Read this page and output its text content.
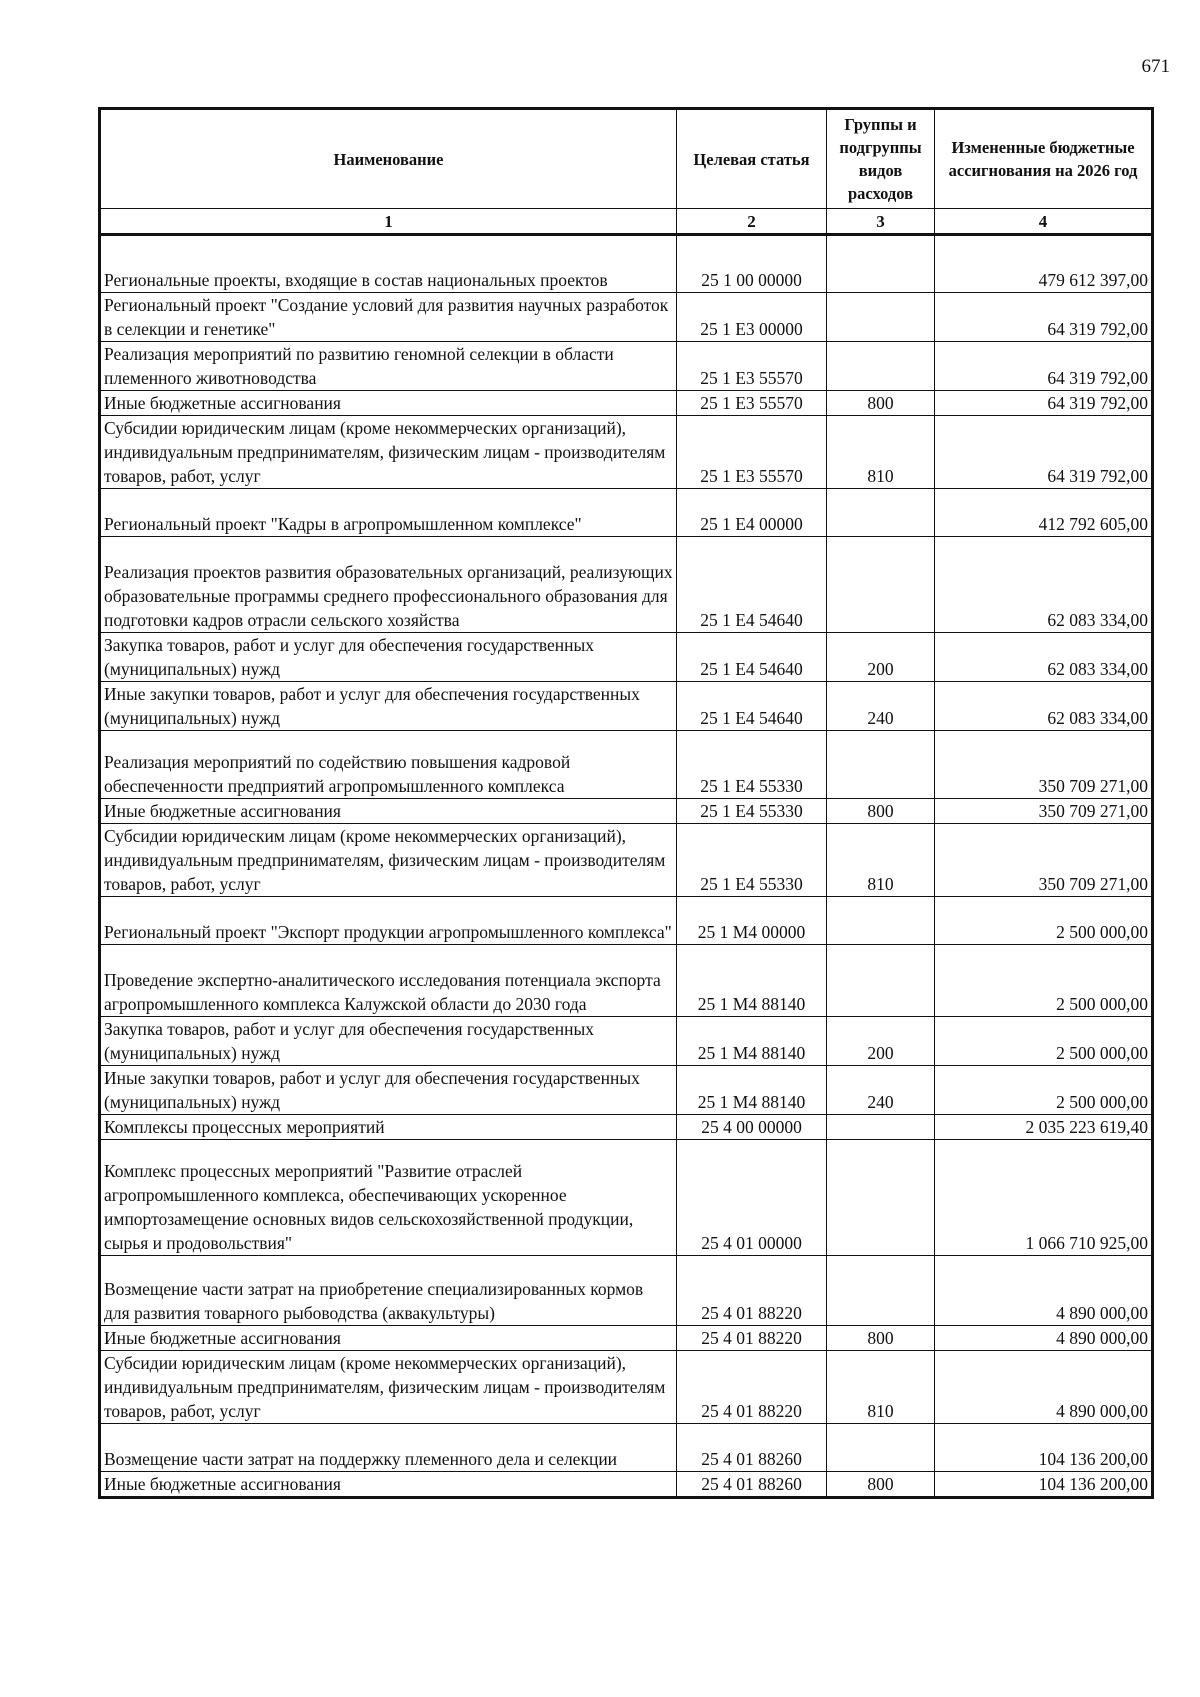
671
Наименование	Целевая статья	Группы и подгруппы видов расходов	Измененные бюджетные ассигнования на 2026 год
1	2	3	4
Региональные проекты, входящие в состав национальных проектов	25 1 00 00000		479 612 397,00
Региональный проект "Создание условий для развития научных разработок в селекции и генетике"	25 1 E3 00000		64 319 792,00
Реализация мероприятий по развитию геномной селекции в области племенного животноводства	25 1 E3 55570		64 319 792,00
Иные бюджетные ассигнования	25 1 E3 55570	800	64 319 792,00
Субсидии юридическим лицам (кроме некоммерческих организаций), индивидуальным предпринимателям, физическим лицам - производителям товаров, работ, услуг	25 1 E3 55570	810	64 319 792,00
Региональный проект "Кадры в агропромышленном комплексе"	25 1 E4 00000		412 792 605,00
Реализация проектов развития образовательных организаций, реализующих образовательные программы среднего профессионального образования для подготовки кадров отрасли сельского хозяйства	25 1 E4 54640		62 083 334,00
Закупка товаров, работ и услуг для обеспечения государственных (муниципальных) нужд	25 1 E4 54640	200	62 083 334,00
Иные закупки товаров, работ и услуг для обеспечения государственных (муниципальных) нужд	25 1 E4 54640	240	62 083 334,00
Реализация мероприятий по содействию повышения кадровой обеспеченности предприятий агропромышленного комплекса	25 1 E4 55330		350 709 271,00
Иные бюджетные ассигнования	25 1 E4 55330	800	350 709 271,00
Субсидии юридическим лицам (кроме некоммерческих организаций), индивидуальным предпринимателям, физическим лицам - производителям товаров, работ, услуг	25 1 E4 55330	810	350 709 271,00
Региональный проект "Экспорт продукции агропромышленного комплекса"	25 1 M4 00000		2 500 000,00
Проведение экспертно-аналитического исследования потенциала экспорта агропромышленного комплекса Калужской области до 2030 года	25 1 M4 88140		2 500 000,00
Закупка товаров, работ и услуг для обеспечения государственных (муниципальных) нужд	25 1 M4 88140	200	2 500 000,00
Иные закупки товаров, работ и услуг для обеспечения государственных (муниципальных) нужд	25 1 M4 88140	240	2 500 000,00
Комплексы процессных мероприятий	25 4 00 00000		2 035 223 619,40
Комплекс процессных мероприятий "Развитие отраслей агропромышленного комплекса, обеспечивающих ускоренное импортозамещение основных видов сельскохозяйственной продукции, сырья и продовольствия"	25 4 01 00000		1 066 710 925,00
Возмещение части затрат на приобретение специализированных кормов для развития товарного рыбоводства (аквакультуры)	25 4 01 88220		4 890 000,00
Иные бюджетные ассигнования	25 4 01 88220	800	4 890 000,00
Субсидии юридическим лицам (кроме некоммерческих организаций), индивидуальным предпринимателям, физическим лицам - производителям товаров, работ, услуг	25 4 01 88220	810	4 890 000,00
Возмещение части затрат на поддержку племенного дела и селекции	25 4 01 88260		104 136 200,00
Иные бюджетные ассигнования	25 4 01 88260	800	104 136 200,00
